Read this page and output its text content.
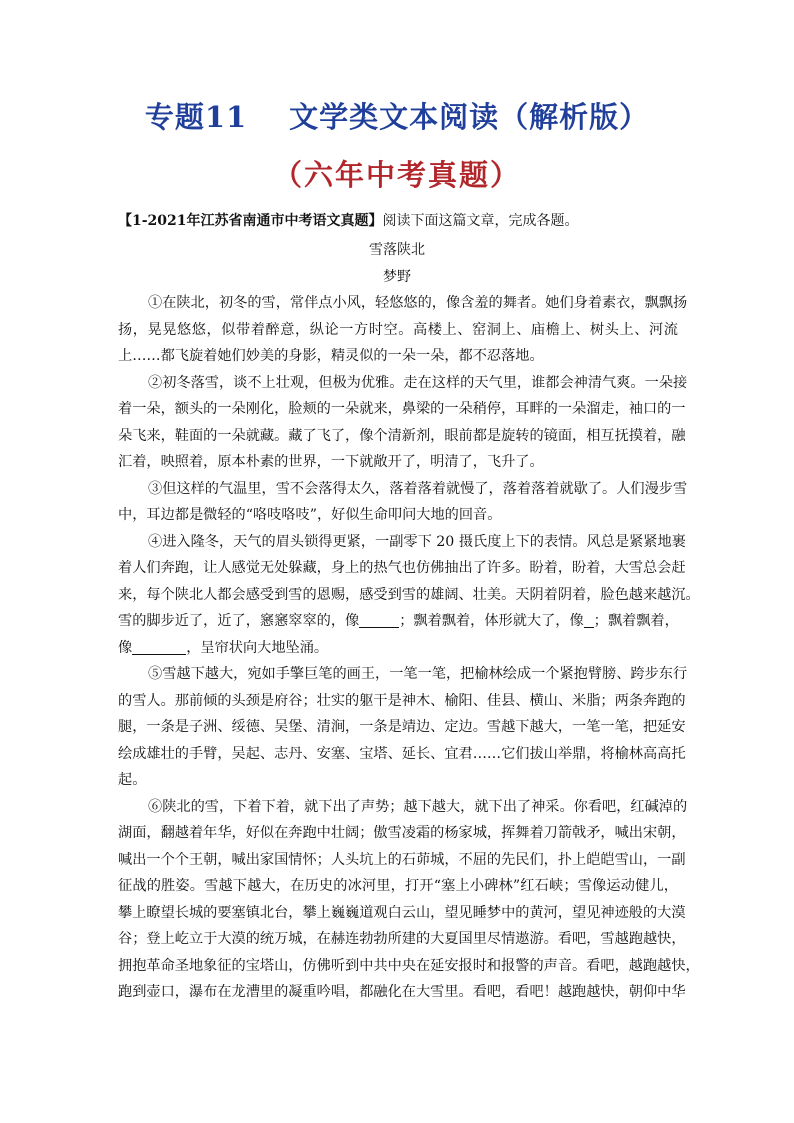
专题11 文学类文本阅读（解析版）
（六年中考真题）
【1-2021年江苏省南通市中考语文真题】阅读下面这篇文章，完成各题。
雪落陕北
梦野
①在陕北，初冬的雪，常伴点小风，轻悠悠的，像含羞的舞者。她们身着素衣，飘飘扬
扬，晃晃悠悠，似带着醉意，纵论一方时空。高楼上、窑洞上、庙檐上、树头上、河流
上……都飞旋着她们妙美的身影，精灵似的一朵一朵，都不忍落地。
②初冬落雪，谈不上壮观，但极为优雅。走在这样的天气里，谁都会神清气爽。一朵接
着一朵，额头的一朵刚化，脸颊的一朵就来，鼻梁的一朵稍停，耳畔的一朵溜走，袖口的一
朵飞来，鞋面的一朵就藏。藏了飞了，像个清新剂，眼前都是旋转的镜面，相互抚摸着，融
汇着，映照着，原本朴素的世界，一下就敞开了，明清了，飞升了。
③但这样的气温里，雪不会落得太久，落着落着就慢了，落着落着就歇了。人们漫步雪
中，耳边都是微轻的“咯吱咯吱”，好似生命叩问大地的回音。
④进入隆冬，天气的眉头锁得更紧，一副零下 20 摄氏度上下的表情。风总是紧紧地裹
着人们奔跑，让人感觉无处躲藏，身上的热气也仿佛抽出了许多。盼着，盼着，大雪总会赶
来，每个陕北人都会感受到雪的恩赐，感受到雪的雄阔、壮美。天阴着阴着，脸色越来越沉。
雪的脚步近了，近了，窸窸窣窣的，像	；飘着飘着，体形就大了，像 ；飘着飘着，
像	，呈帘状向大地坠涌。
⑤雪越下越大，宛如手擎巨笔的画王，一笔一笔，把榆林绘成一个紧抱臂膀、跨步东行
的雪人。那前倾的头颈是府谷；壮实的躯干是神木、榆阳、佳县、横山、米脂；两条奔跑的
腿，一条是子洲、绥德、吴堡、清涧，一条是靖边、定边。雪越下越大，一笔一笔，把延安
绘成雄壮的手臂，吴起、志丹、安塞、宝塔、延长、宜君……它们拔山举鼎，将榆林高高托
起。
⑥陕北的雪，下着下着，就下出了声势；越下越大，就下出了神采。你看吧，红碱淖的
湖面，翻越着年华，好似在奔跑中壮阔；傲雪凌霜的杨家城，挥舞着刀箭戟矛，喊出宋朝，
喊出一个个王朝，喊出家国情怀；人头坑上的石茆城，不屈的先民们，扑上皑皑雪山，一副
征战的胜姿。雪越下越大，在历史的冰河里，打开“塞上小碑林”红石峡；雪像运动健儿，
攀上瞭望长城的要塞镇北台，攀上巍巍道观白云山，望见睡梦中的黄河，望见神迹般的大漠
谷；登上屹立于大漠的统万城，在赫连勃勃所建的大夏国里尽情遨游。看吧，雪越跑越快，
拥抱革命圣地象征的宝塔山，仿佛听到中共中央在延安报时和报警的声音。看吧，越跑越快，
跑到壶口，瀑布在龙漕里的凝重吟唱，都融化在大雪里。看吧，看吧！越跑越快，朝仰中华
